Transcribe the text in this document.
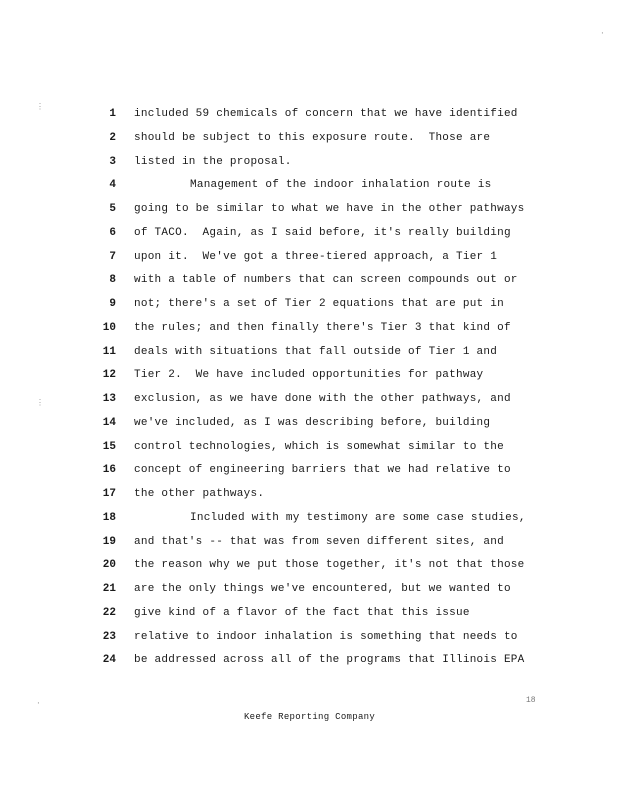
1 included 59 chemicals of concern that we have identified
2 should be subject to this exposure route.  Those are
3 listed in the proposal.
4	Management of the indoor inhalation route is
5 going to be similar to what we have in the other pathways
6 of TACO.  Again, as I said before, it's really building
7 upon it.  We've got a three-tiered approach, a Tier 1
8 with a table of numbers that can screen compounds out or
9 not; there's a set of Tier 2 equations that are put in
10 the rules; and then finally there's Tier 3 that kind of
11 deals with situations that fall outside of Tier 1 and
12 Tier 2.  We have included opportunities for pathway
13 exclusion, as we have done with the other pathways, and
14 we've included, as I was describing before, building
15 control technologies, which is somewhat similar to the
16 concept of engineering barriers that we had relative to
17 the other pathways.
18	Included with my testimony are some case studies,
19 and that's -- that was from seven different sites, and
20 the reason why we put those together, it's not that those
21 are the only things we've encountered, but we wanted to
22 give kind of a flavor of the fact that this issue
23 relative to indoor inhalation is something that needs to
24 be addressed across all of the programs that Illinois EPA
18
Keefe Reporting Company
⋮
⋮
·
·
